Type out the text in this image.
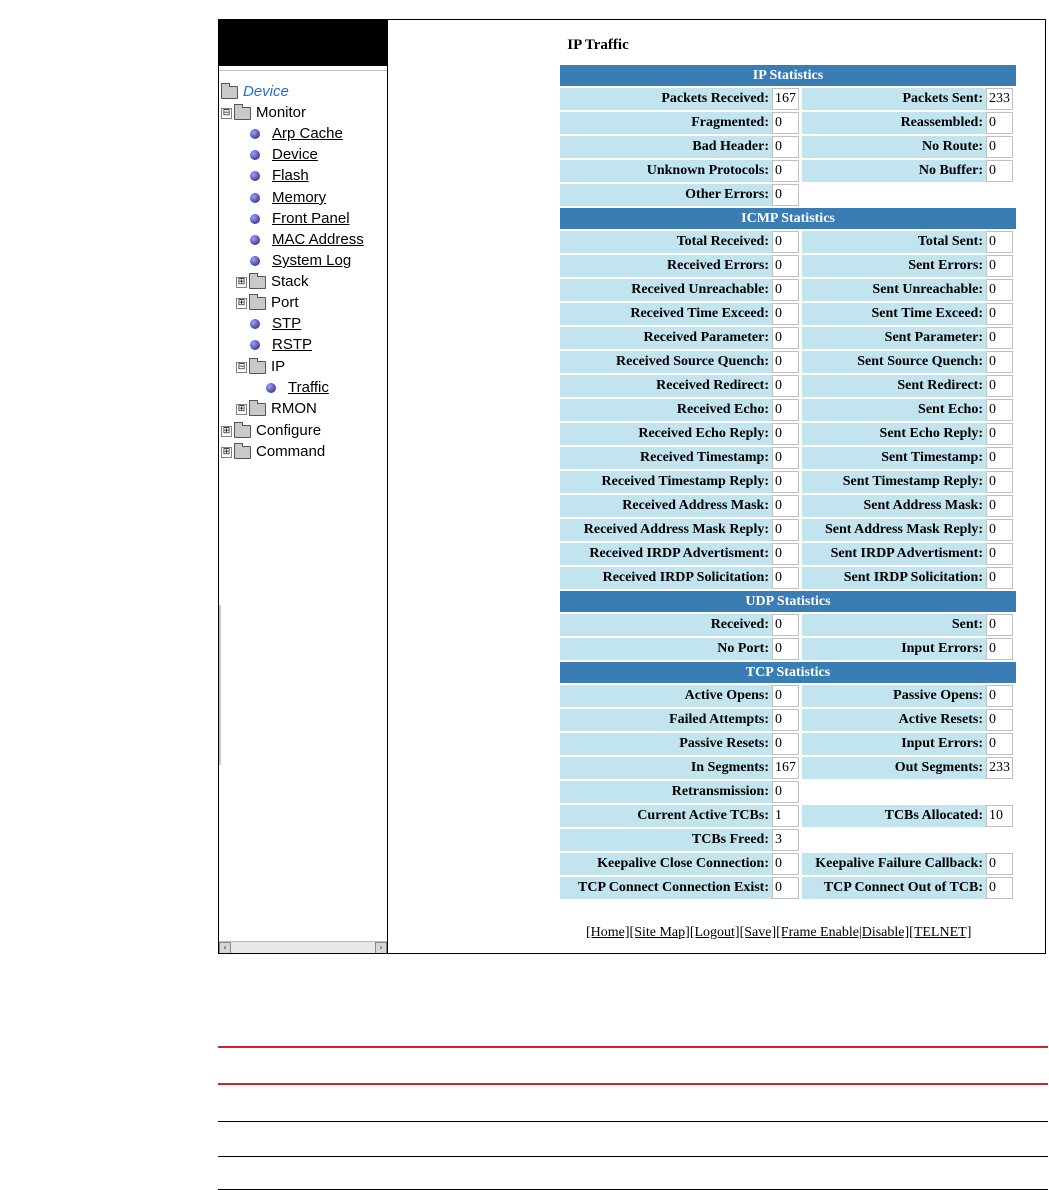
Device
⊟ Monitor
Arp Cache
Device
Flash
Memory
Front Panel
MAC Address
System Log
⊞ Stack
⊞ Port
STP
RSTP
⊟ IP
Traffic
⊞ RMON
⊞ Configure
⊞ Command
‹	›
IP Traffic
IP Statistics
Packets Received: 167	Packets Sent: 233
Fragmented: 0	Reassembled: 0
Bad Header: 0	No Route: 0
Unknown Protocols: 0	No Buffer: 0
Other Errors: 0
ICMP Statistics
Total Received: 0	Total Sent: 0
Received Errors: 0	Sent Errors: 0
Received Unreachable: 0	Sent Unreachable: 0
Received Time Exceed: 0	Sent Time Exceed: 0
Received Parameter: 0	Sent Parameter: 0
Received Source Quench: 0	Sent Source Quench: 0
Received Redirect: 0	Sent Redirect: 0
Received Echo: 0	Sent Echo: 0
Received Echo Reply: 0	Sent Echo Reply: 0
Received Timestamp: 0	Sent Timestamp: 0
Received Timestamp Reply: 0	Sent Timestamp Reply: 0
Received Address Mask: 0	Sent Address Mask: 0
Received Address Mask Reply: 0	Sent Address Mask Reply: 0
Received IRDP Advertisment: 0	Sent IRDP Advertisment: 0
Received IRDP Solicitation: 0	Sent IRDP Solicitation: 0
UDP Statistics
Received: 0	Sent: 0
No Port: 0	Input Errors: 0
TCP Statistics
Active Opens: 0	Passive Opens: 0
Failed Attempts: 0	Active Resets: 0
Passive Resets: 0	Input Errors: 0
In Segments: 167	Out Segments: 233
Retransmission: 0
Current Active TCBs: 1	TCBs Allocated: 10
TCBs Freed: 3
Keepalive Close Connection: 0	Keepalive Failure Callback: 0
TCP Connect Connection Exist: 0	TCP Connect Out of TCB: 0
[Home][Site Map][Logout][Save][Frame Enable|Disable][TELNET]
